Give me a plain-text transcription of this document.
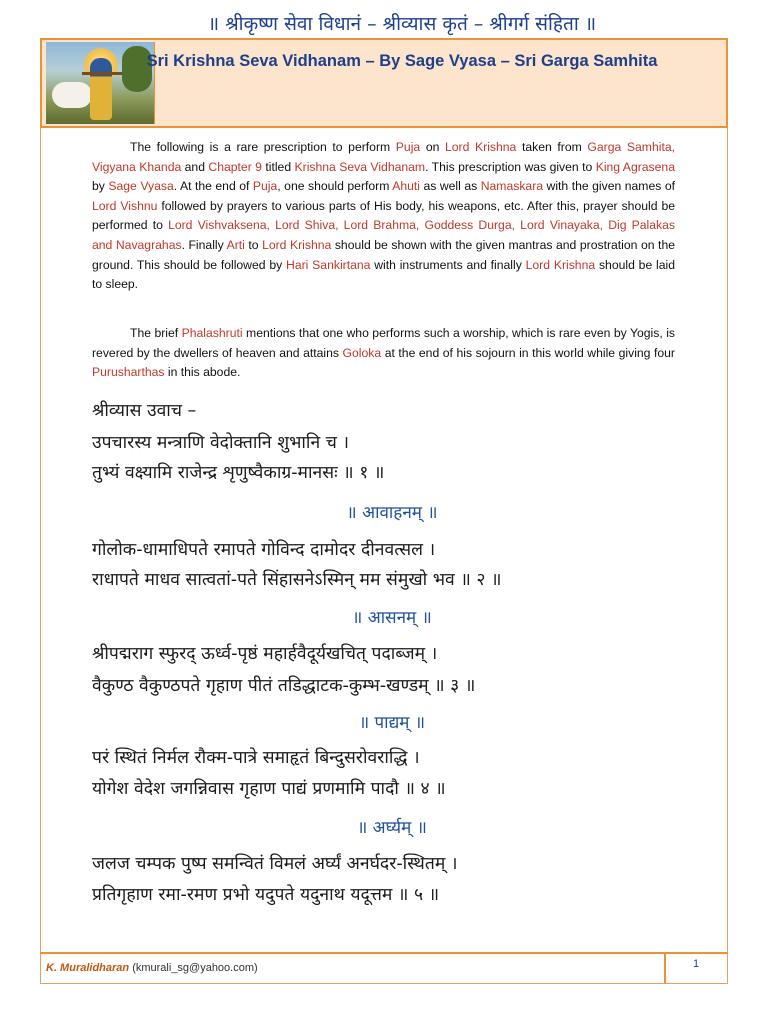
॥ श्रीकृष्ण सेवा विधानं – श्रीव्यास कृतं – श्रीगर्ग संहिता ॥
Sri Krishna Seva Vidhanam – By Sage Vyasa – Sri Garga Samhita
The following is a rare prescription to perform Puja on Lord Krishna taken from Garga Samhita, Vigyana Khanda and Chapter 9 titled Krishna Seva Vidhanam. This prescription was given to King Agrasena by Sage Vyasa. At the end of Puja, one should perform Ahuti as well as Namaskara with the given names of Lord Vishnu followed by prayers to various parts of His body, his weapons, etc. After this, prayer should be performed to Lord Vishvaksena, Lord Shiva, Lord Brahma, Goddess Durga, Lord Vinayaka, Dig Palakas and Navagrahas. Finally Arti to Lord Krishna should be shown with the given mantras and prostration on the ground. This should be followed by Hari Sankirtana with instruments and finally Lord Krishna should be laid to sleep.
The brief Phalashruti mentions that one who performs such a worship, which is rare even by Yogis, is revered by the dwellers of heaven and attains Goloka at the end of his sojourn in this world while giving four Purusharthas in this abode.
श्रीव्यास उवाच –
उपचारस्य मन्त्राणि वेदोक्तानि शुभानि च ।
तुभ्यं वक्ष्यामि राजेन्द्र शृणुष्वैकाग्र-मानसः ॥ १ ॥
॥ आवाहनम् ॥
गोलोक-धामाधिपते रमापते गोविन्द दामोदर दीनवत्सल ।
राधापते माधव सात्वतां-पते सिंहासनेऽस्मिन् मम संमुखो भव ॥ २ ॥
॥ आसनम् ॥
श्रीपद्मराग स्फुरद् ऊर्ध्व-पृष्ठं महार्हवैदूर्यखचित् पदाब्जम् ।
वैकुण्ठ वैकुण्ठपते गृहाण पीतं तडिद्धाटक-कुम्भ-खण्डम् ॥ ३ ॥
॥ पाद्यम् ॥
परं स्थितं निर्मल रौक्म-पात्रे समाहृतं बिन्दुसरोवराद्धि ।
योगेश वेदेश जगन्निवास गृहाण पाद्यं प्रणमामि पादौ ॥ ४ ॥
॥ अर्घ्यम् ॥
जलज चम्पक पुष्प समन्वितं विमलं अर्घ्यं अनर्घदर-स्थितम् ।
प्रतिगृहाण रमा-रमण प्रभो यदुपते यदुनाथ यदूत्तम ॥ ५ ॥
K. Muralidharan (kmurali_sg@yahoo.com)	1
